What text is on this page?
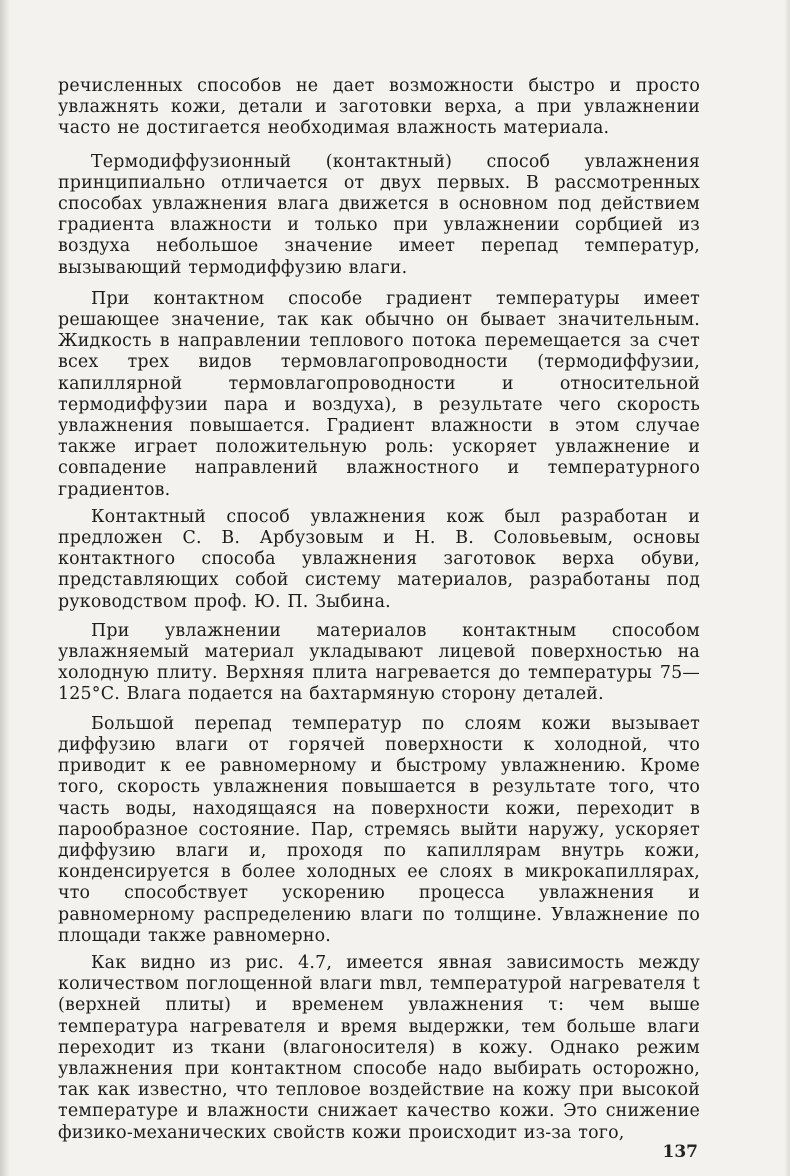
речисленных способов не дает возможности быстро и просто увлажнять кожи, детали и заготовки верха, а при увлажнении часто не достигается необходимая влажность материала.

Термодиффузионный (контактный) способ увлажнения принципиально отличается от двух первых. В рассмотренных способах увлажнения влага движется в основном под действием градиента влажности и только при увлажнении сорбцией из воздуха небольшое значение имеет перепад температур, вызывающий термодиффузию влаги.

При контактном способе градиент температуры имеет решающее значение, так как обычно он бывает значительным. Жидкость в направлении теплового потока перемещается за счет всех трех видов термовлагопроводности (термодиффузии, капиллярной термовлагопроводности и относительной термодиффузии пара и воздуха), в результате чего скорость увлажнения повышается. Градиент влажности в этом случае также играет положительную роль: ускоряет увлажнение и совпадение направлений влажностного и температурного градиентов.

Контактный способ увлажнения кож был разработан и предложен С. В. Арбузовым и Н. В. Соловьевым, основы контактного способа увлажнения заготовок верха обуви, представляющих собой систему материалов, разработаны под руководством проф. Ю. П. Зыбина.

При увлажнении материалов контактным способом увлажняемый материал укладывают лицевой поверхностью на холодную плиту. Верхняя плита нагревается до температуры 75—125°С. Влага подается на бахтармяную сторону деталей.

Большой перепад температур по слоям кожи вызывает диффузию влаги от горячей поверхности к холодной, что приводит к ее равномерному и быстрому увлажнению. Кроме того, скорость увлажнения повышается в результате того, что часть воды, находящаяся на поверхности кожи, переходит в парообразное состояние. Пар, стремясь выйти наружу, ускоряет диффузию влаги и, проходя по капиллярам внутрь кожи, конденсируется в более холодных ее слоях в микрокапиллярах, что способствует ускорению процесса увлажнения и равномерному распределению влаги по толщине. Увлажнение по площади также равномерно.

Как видно из рис. 4.7, имеется явная зависимость между количеством поглощенной влаги mвл, температурой нагревателя t (верхней плиты) и временем увлажнения τ: чем выше температура нагревателя и время выдержки, тем больше влаги переходит из ткани (влагоносителя) в кожу. Однако режим увлажнения при контактном способе надо выбирать осторожно, так как известно, что тепловое воздействие на кожу при высокой температуре и влажности снижает качество кожи. Это снижение физико-механических свойств кожи происходит из-за того,

137
